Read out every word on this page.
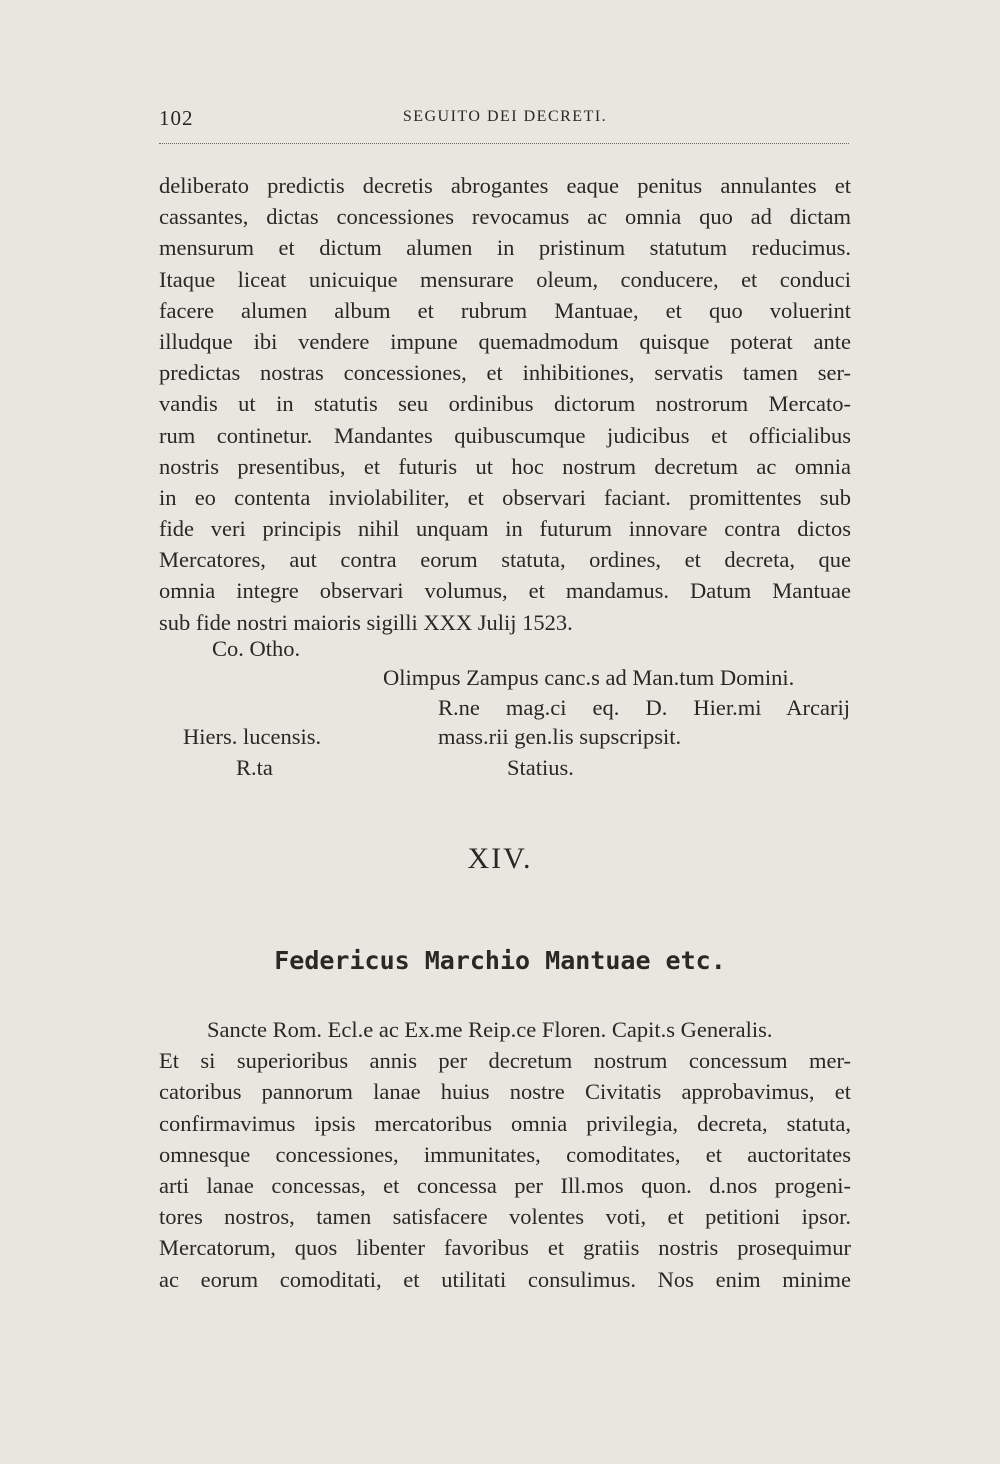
102	SEGUITO DEI DECRETI.
deliberato predictis decretis abrogantes eaque penitus annulantes et
cassantes, dictas concessiones revocamus ac omnia quo ad dictam
mensurum et dictum alumen in pristinum statutum reducimus.
Itaque liceat unicuique mensurare oleum, conducere, et conduci
facere alumen album et rubrum Mantuae, et quo voluerint
illudque ibi vendere impune quemadmodum quisque poterat ante
predictas nostras concessiones, et inhibitiones, servatis tamen ser-
vandis ut in statutis seu ordinibus dictorum nostrorum Mercato-
rum continetur. Mandantes quibuscumque judicibus et officialibus
nostris presentibus, et futuris ut hoc nostrum decretum ac omnia
in eo contenta inviolabiliter, et observari faciant. promittentes sub
fide veri principis nihil unquam in futurum innovare contra dictos
Mercatores, aut contra eorum statuta, ordines, et decreta, que
omnia integre observari volumus, et mandamus. Datum Mantuae
sub fide nostri maioris sigilli XXX Julij 1523.
Co. Otho.
Olimpus Zampus canc.s ad Man.tum Domini.
R.ne mag.ci eq. D. Hier.mi Arcarij
Hiers. lucensis.	mass.rii gen.lis supscripsit.
R.ta	Statius.
XIV.
Federicus Marchio Mantuae etc.
Sancte Rom. Ecl.e ac Ex.me Reip.ce Floren. Capit.s Generalis.
Et si superioribus annis per decretum nostrum concessum mer-
catoribus pannorum lanae huius nostre Civitatis approbavimus, et
confirmavimus ipsis mercatoribus omnia privilegia, decreta, statuta,
omnesque concessiones, immunitates, comoditates, et auctoritates
arti lanae concessas, et concessa per Ill.mos quon. d.nos progeni-
tores nostros, tamen satisfacere volentes voti, et petitioni ipsor.
Mercatorum, quos libenter favoribus et gratiis nostris prosequimur
ac eorum comoditati, et utilitati consulimus. Nos enim minime
